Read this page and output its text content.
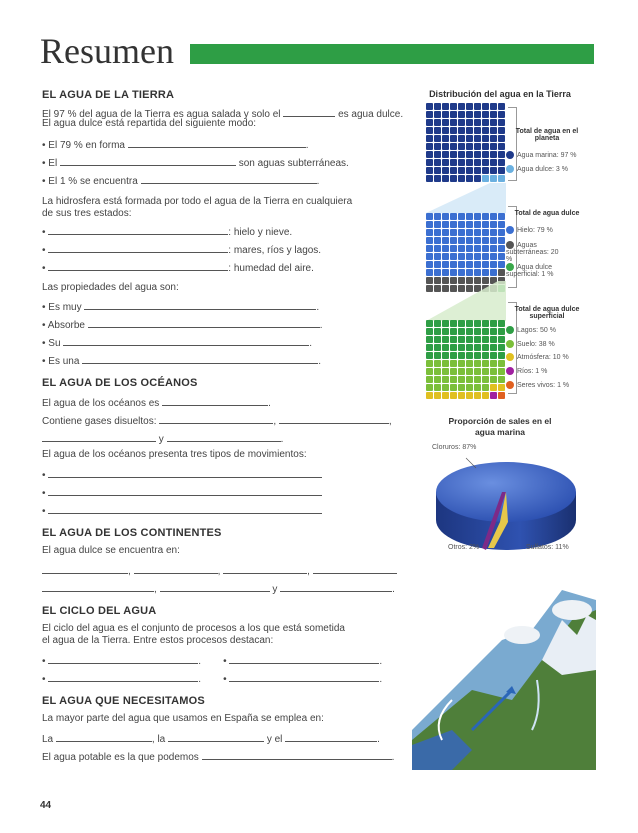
Resumen
EL AGUA DE LA TIERRA
El 97 % del agua de la Tierra es agua salada y solo el	es agua dulce.
El agua dulce está repartida del siguiente modo:
• El 79 % en forma	.
• El	son aguas subterráneas.
• El 1 % se encuentra	.
La hidrosfera está formada por todo el agua de la Tierra en cualquiera
de sus tres estados:
•	: hielo y nieve.
•	: mares, ríos y lagos.
•	: humedad del aire.
Las propiedades del agua son:
• Es muy	.
• Absorbe	.
• Su	.
• Es una	.
EL AGUA DE LOS OCÉANOS
El agua de los océanos es	.
Contiene gases disueltos:	,	,
y	.
El agua de los océanos presenta tres tipos de movimientos:
•
•
•
EL AGUA DE LOS CONTINENTES
El agua dulce se encuentra en:
,	,	,
,	y	.
EL CICLO DEL AGUA
El ciclo del agua es el conjunto de procesos a los que está sometida
el agua de la Tierra. Entre estos procesos destacan:
•	. •	.
•	. •	.
EL AGUA QUE NECESITAMOS
La mayor parte del agua que usamos en España se emplea en:
La	, la	y el	.
El agua potable es la que podemos	.
44
Distribución del agua en la Tierra
Total de agua en el planeta
Agua marina: 97 %
Agua dulce: 3 %
Total de agua dulce
Hielo: 79 %
Aguas subterráneas: 20 %
Agua dulce superficial: 1 %
Total de agua dulce superficial
Lagos: 50 %
Suelo: 38 %
Atmósfera: 10 %
Ríos: 1 %
Seres vivos: 1 %
Proporción de sales en el agua marina
Cloruros: 87%
Otros: 2%	Sulfatos: 11%
